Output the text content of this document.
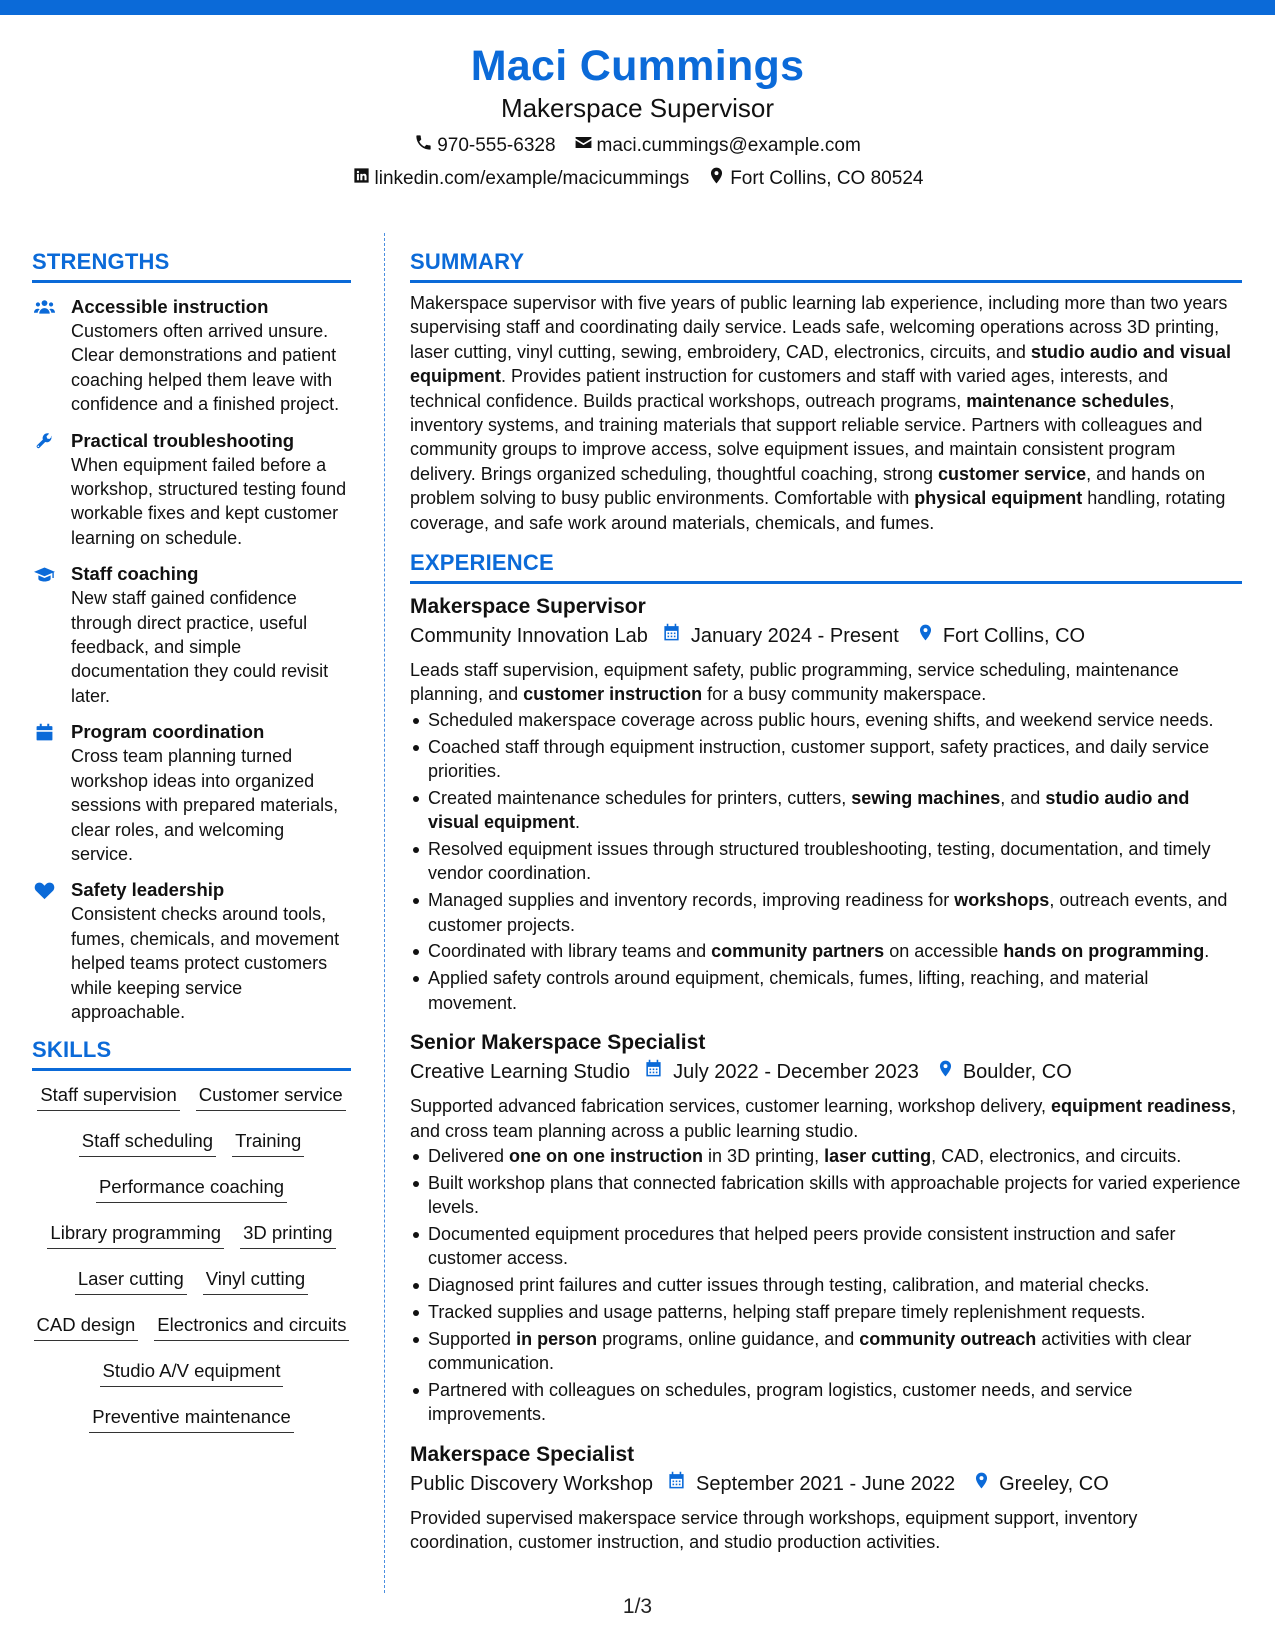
Maci Cummings
Makerspace Supervisor
970-555-6328 maci.cummings@example.com
linkedin.com/example/macicummings Fort Collins, CO 80524
STRENGTHS
Accessible instruction
Customers often arrived unsure. Clear demonstrations and patient coaching helped them leave with confidence and a finished project.
Practical troubleshooting
When equipment failed before a workshop, structured testing found workable fixes and kept customer learning on schedule.
Staff coaching
New staff gained confidence through direct practice, useful feedback, and simple documentation they could revisit later.
Program coordination
Cross team planning turned workshop ideas into organized sessions with prepared materials, clear roles, and welcoming service.
Safety leadership
Consistent checks around tools, fumes, chemicals, and movement helped teams protect customers while keeping service approachable.
SKILLS
Staff supervision Customer service
Staff scheduling Training
Performance coaching
Library programming 3D printing
Laser cutting Vinyl cutting
CAD design Electronics and circuits
Studio A/V equipment
Preventive maintenance
SUMMARY

Makerspace supervisor with five years of public learning lab experience, including more than two years supervising staff and coordinating daily service. Leads safe, welcoming operations across 3D printing, laser cutting, vinyl cutting, sewing, embroidery, CAD, electronics, circuits, and studio audio and visual equipment. Provides patient instruction for customers and staff with varied ages, interests, and technical confidence. Builds practical workshops, outreach programs, maintenance schedules, inventory systems, and training materials that support reliable service. Partners with colleagues and community groups to improve access, solve equipment issues, and maintain consistent program delivery. Brings organized scheduling, thoughtful coaching, strong customer service, and hands on problem solving to busy public environments. Comfortable with physical equipment handling, rotating coverage, and safe work around materials, chemicals, and fumes.

EXPERIENCE
Makerspace Supervisor
Community Innovation Lab January 2024 - Present Fort Collins, CO

Leads staff supervision, equipment safety, public programming, service scheduling, maintenance planning, and customer instruction for a busy community makerspace.

Scheduled makerspace coverage across public hours, evening shifts, and weekend service needs.
Coached staff through equipment instruction, customer support, safety practices, and daily service priorities.
Created maintenance schedules for printers, cutters, sewing machines, and studio audio and visual equipment.
Resolved equipment issues through structured troubleshooting, testing, documentation, and timely vendor coordination.
Managed supplies and inventory records, improving readiness for workshops, outreach events, and customer projects.
Coordinated with library teams and community partners on accessible hands on programming.
Applied safety controls around equipment, chemicals, fumes, lifting, reaching, and material movement.
Senior Makerspace Specialist
Creative Learning Studio July 2022 - December 2023 Boulder, CO

Supported advanced fabrication services, customer learning, workshop delivery, equipment readiness, and cross team planning across a public learning studio.

Delivered one on one instruction in 3D printing, laser cutting, CAD, electronics, and circuits.
Built workshop plans that connected fabrication skills with approachable projects for varied experience levels.
Documented equipment procedures that helped peers provide consistent instruction and safer customer access.
Diagnosed print failures and cutter issues through testing, calibration, and material checks.
Tracked supplies and usage patterns, helping staff prepare timely replenishment requests.
Supported in person programs, online guidance, and community outreach activities with clear communication.
Partnered with colleagues on schedules, program logistics, customer needs, and service improvements.
Makerspace Specialist
Public Discovery Workshop September 2021 - June 2022 Greeley, CO

Provided supervised makerspace service through workshops, equipment support, inventory coordination, customer instruction, and studio production activities.

1/3
